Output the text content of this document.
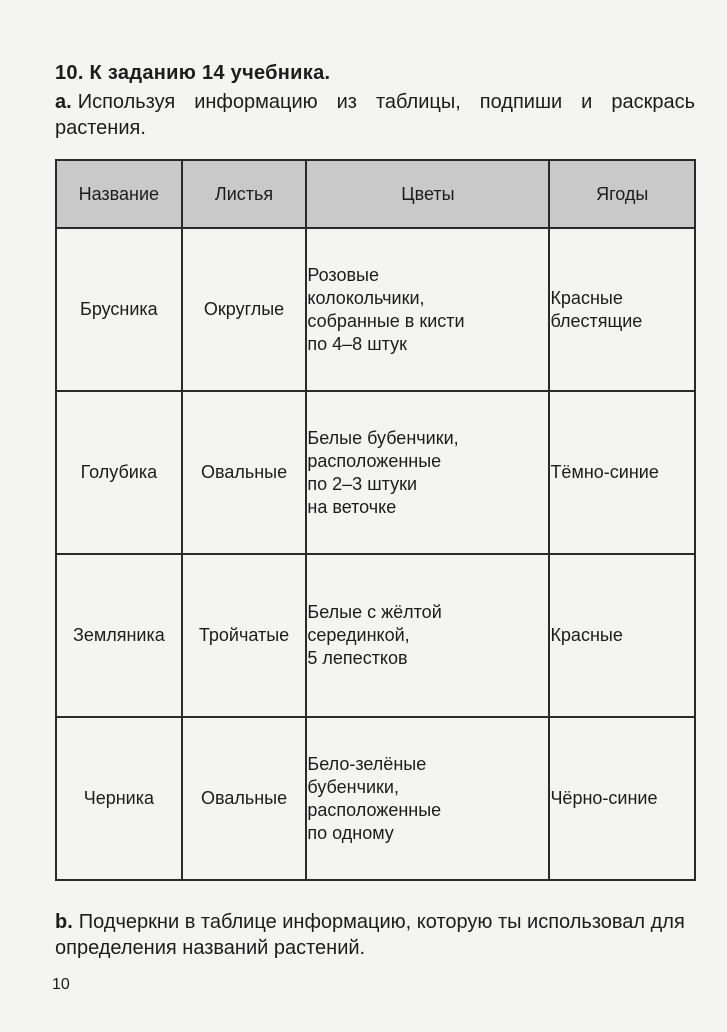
10. К заданию 14 учебника.
a. Используя информацию из таблицы, подпиши и раскрась растения.
Название	Листья	Цветы	Ягоды
Брусника	Округлые	Розовые
колокольчики,
собранные в кисти
по 4–8 штук	Красные
блестящие
Голубика	Овальные	Белые бубенчики,
расположенные
по 2–3 штуки
на веточке	Тёмно-синие
Земляника	Тройчатые	Белые с жёлтой
серединкой,
5 лепестков	Красные
Черника	Овальные	Бело-зелёные
бубенчики,
расположенные
по одному	Чёрно-синие
b. Подчеркни в таблице информацию, которую ты использовал для определения названий растений.
10
